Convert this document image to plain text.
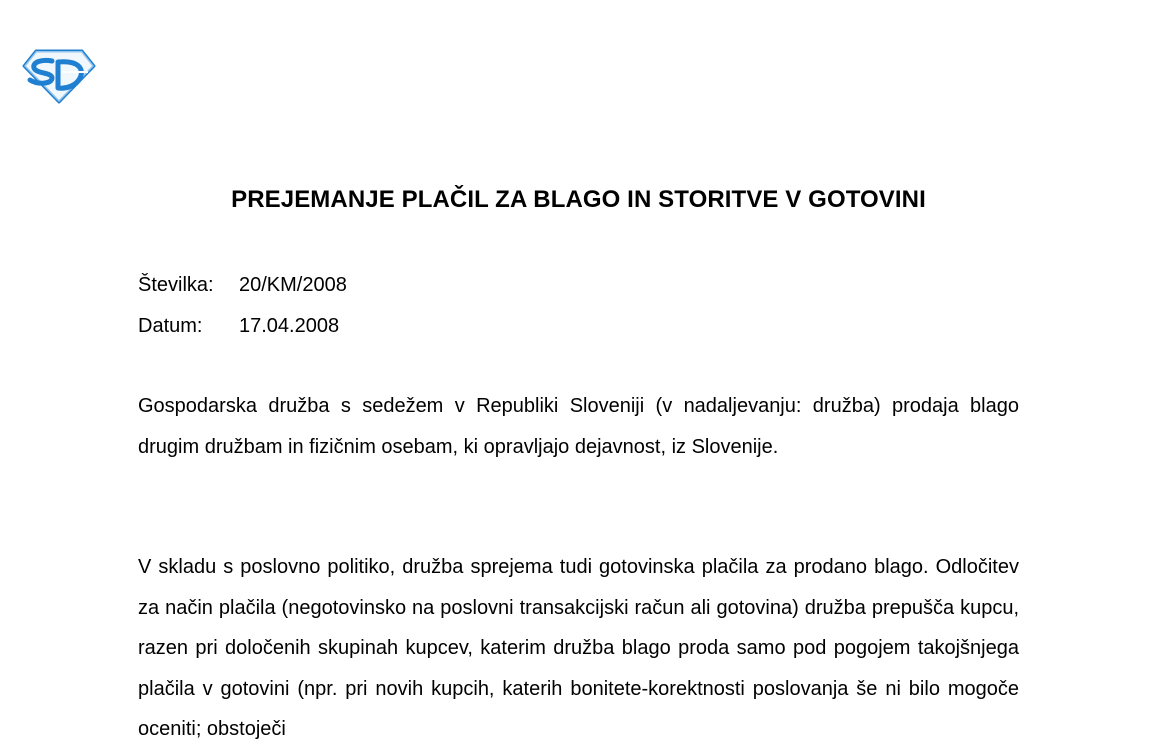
PREJEMANJE PLAČIL ZA BLAGO IN STORITVE V GOTOVINI
Številka: 20/KM/2008
Datum: 17.04.2008

Gospodarska družba s sedežem v Republiki Sloveniji (v nadaljevanju: družba) prodaja blago drugim družbam in fizičnim osebam, ki opravljajo dejavnost, iz Slovenije.

V skladu s poslovno politiko, družba sprejema tudi gotovinska plačila za prodano blago. Odločitev za način plačila (negotovinsko na poslovni transakcijski račun ali gotovina) družba prepušča kupcu, razen pri določenih skupinah kupcev, katerim družba blago proda samo pod pogojem takojšnjega plačila v gotovini (npr. pri novih kupcih, katerih bonitete-korektnosti poslovanja še ni bilo mogoče oceniti; obstoječi
